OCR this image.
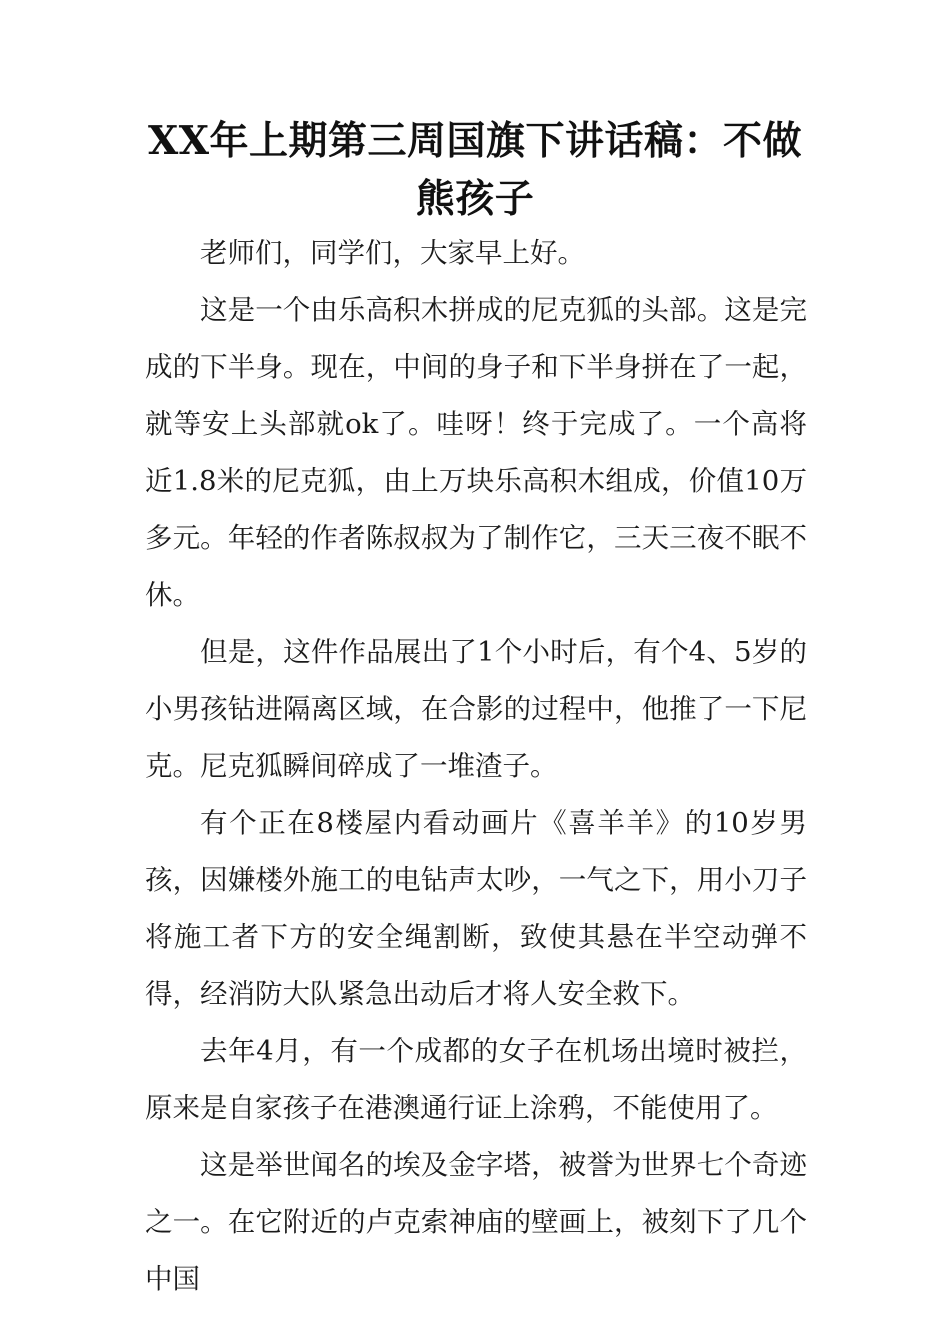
XX年上期第三周国旗下讲话稿：不做熊孩子

老师们，同学们，大家早上好。

这是一个由乐高积木拼成的尼克狐的头部。这是完成的下半身。现在，中间的身子和下半身拼在了一起，就等安上头部就ok了。哇呀！终于完成了。一个高将近1.8米的尼克狐，由上万块乐高积木组成，价值10万多元。年轻的作者陈叔叔为了制作它，三天三夜不眠不休。

但是，这件作品展出了1个小时后，有个4、5岁的小男孩钻进隔离区域，在合影的过程中，他推了一下尼克。尼克狐瞬间碎成了一堆渣子。

有个正在8楼屋内看动画片《喜羊羊》的10岁男孩，因嫌楼外施工的电钻声太吵，一气之下，用小刀子将施工者下方的安全绳割断，致使其悬在半空动弹不得，经消防大队紧急出动后才将人安全救下。

去年4月，有一个成都的女子在机场出境时被拦，原来是自家孩子在港澳通行证上涂鸦，不能使用了。

这是举世闻名的埃及金字塔，被誉为世界七个奇迹之一。在它附近的卢克索神庙的壁画上，被刻下了几个中国
